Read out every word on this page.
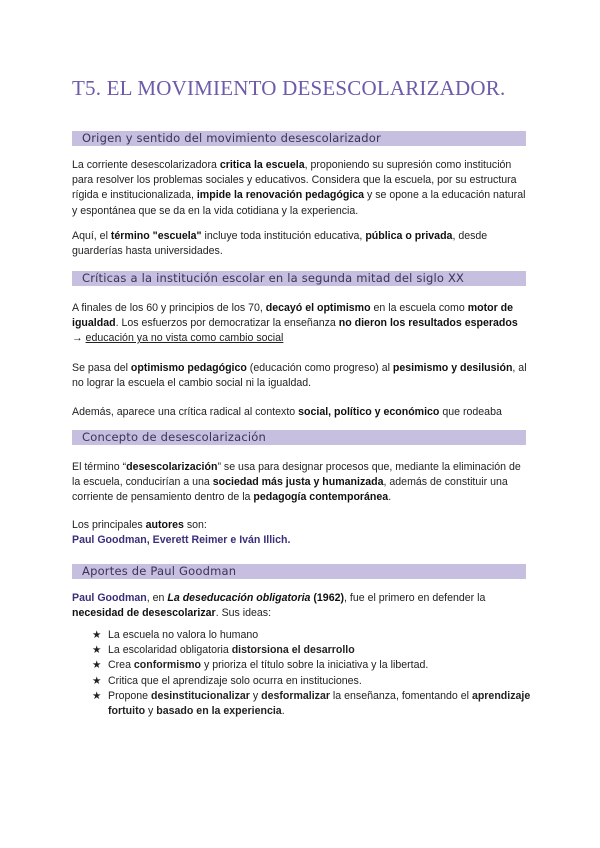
T5. EL MOVIMIENTO DESESCOLARIZADOR.
Origen y sentido del movimiento desescolarizador

La corriente desescolarizadora critica la escuela, proponiendo su supresión como institución para resolver los problemas sociales y educativos. Considera que la escuela, por su estructura rígida e institucionalizada, impide la renovación pedagógica y se opone a la educación natural y espontánea que se da en la vida cotidiana y la experiencia.

Aquí, el término "escuela" incluye toda institución educativa, pública o privada, desde guarderías hasta universidades.

Críticas a la institución escolar en la segunda mitad del siglo XX

A finales de los 60 y principios de los 70, decayó el optimismo en la escuela como motor de igualdad. Los esfuerzos por democratizar la enseñanza no dieron los resultados esperados → educación ya no vista como cambio social

Se pasa del optimismo pedagógico (educación como progreso) al pesimismo y desilusión, al no lograr la escuela el cambio social ni la igualdad.

Además, aparece una crítica radical al contexto social, político y económico que rodeaba

Concepto de desescolarización

El término “desescolarización” se usa para designar procesos que, mediante la eliminación de la escuela, conducirían a una sociedad más justa y humanizada, además de constituir una corriente de pensamiento dentro de la pedagogía contemporánea.

Los principales autores son:
Paul Goodman, Everett Reimer e Iván Illich.

Aportes de Paul Goodman

Paul Goodman, en La deseducación obligatoria (1962), fue el primero en defender la necesidad de desescolarizar. Sus ideas:

★ La escuela no valora lo humano
★ La escolaridad obligatoria distorsiona el desarrollo
★ Crea conformismo y prioriza el título sobre la iniciativa y la libertad.
★ Critica que el aprendizaje solo ocurra en instituciones.
★ Propone desinstitucionalizar y desformalizar la enseñanza, fomentando el aprendizaje fortuito y basado en la experiencia.
